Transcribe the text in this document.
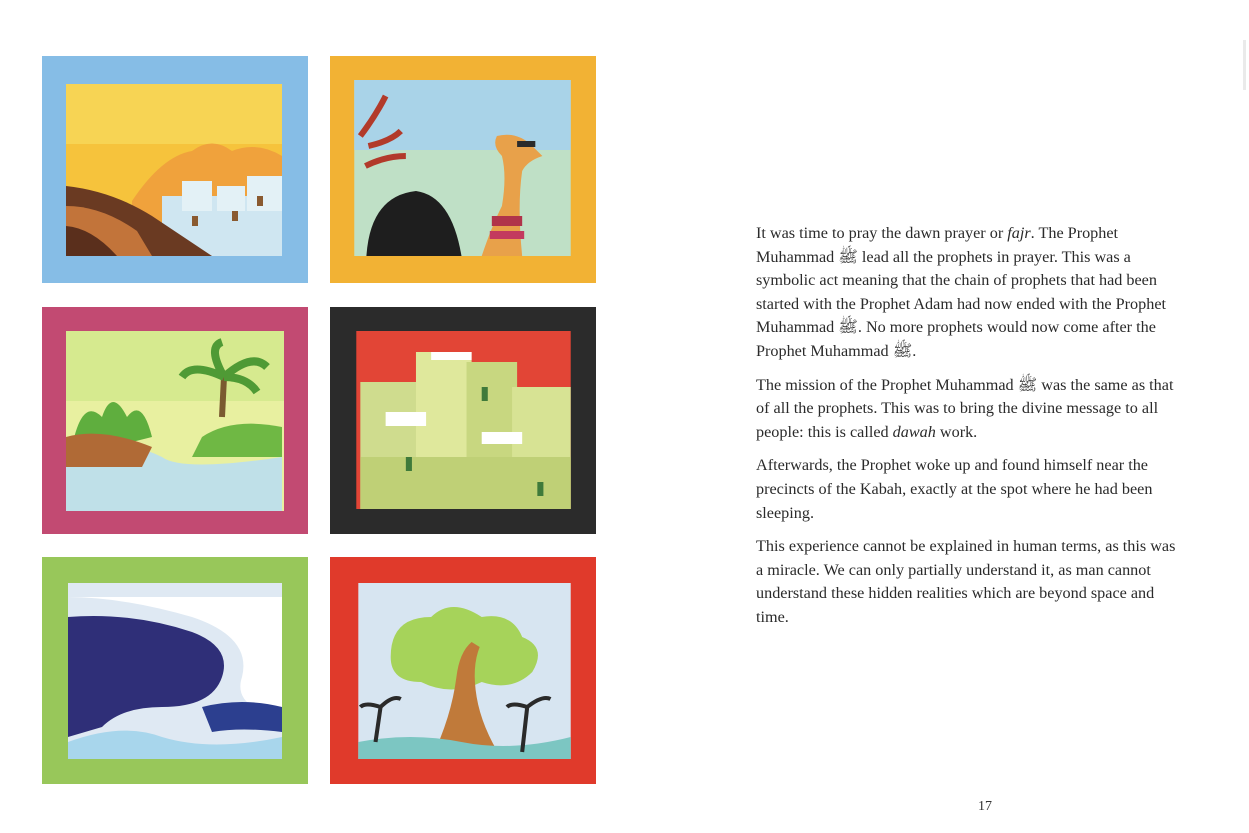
It was time to pray the dawn prayer or fajr. The Prophet Muhammad ﷺ lead all the prophets in prayer. This was a symbolic act meaning that the chain of prophets that had been started with the Prophet Adam had now ended with the Prophet Muhammad ﷺ. No more prophets would now come after the Prophet Muhammad ﷺ.

The mission of the Prophet Muhammad ﷺ was the same as that of all the prophets. This was to bring the divine message to all people: this is called dawah work.

Afterwards, the Prophet woke up and found himself near the precincts of the Kabah, exactly at the spot where he had been sleeping.

This experience cannot be explained in human terms, as this was a miracle. We can only partially understand it, as man cannot understand these hidden realities which are beyond space and time.

17
